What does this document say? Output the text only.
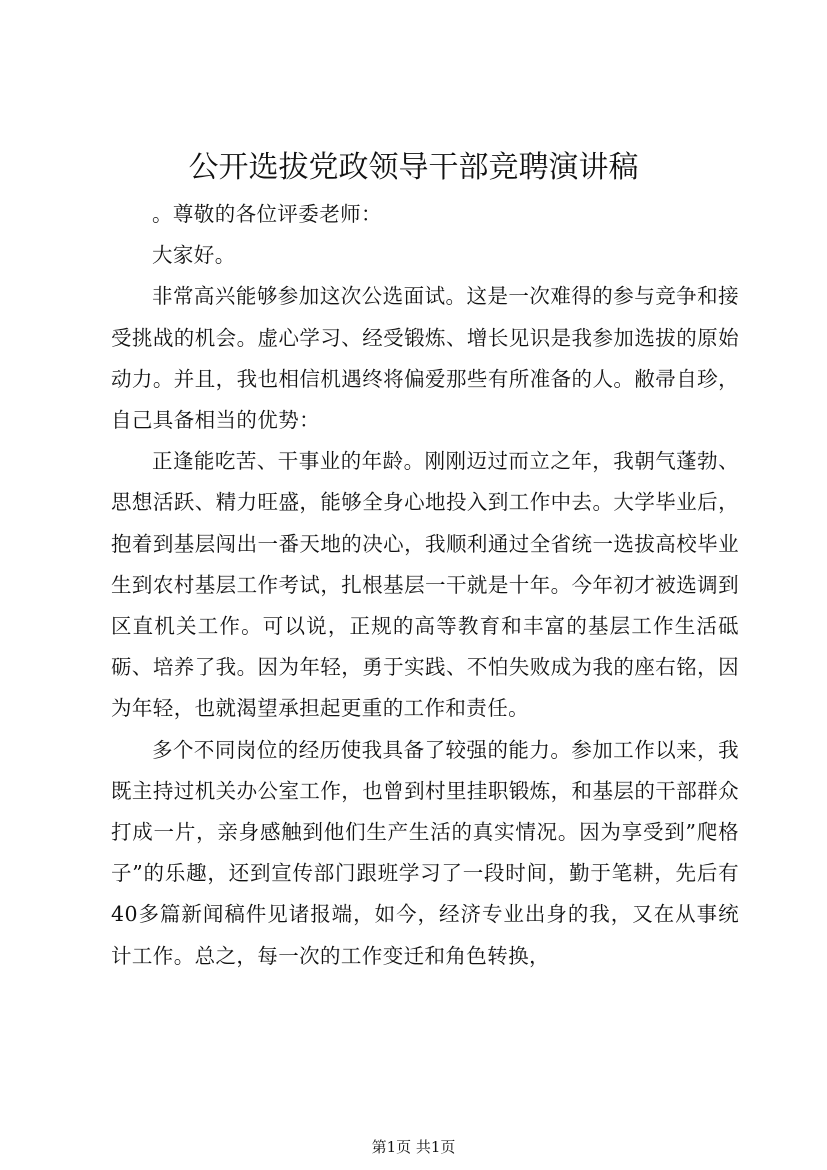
公开选拔党政领导干部竞聘演讲稿

。尊敬的各位评委老师：

大家好。

非常高兴能够参加这次公选面试。这是一次难得的参与竞争和接受挑战的机会。虚心学习、经受锻炼、增长见识是我参加选拔的原始动力。并且，我也相信机遇终将偏爱那些有所准备的人。敝帚自珍，自己具备相当的优势：

正逢能吃苦、干事业的年龄。刚刚迈过而立之年，我朝气蓬勃、思想活跃、精力旺盛，能够全身心地投入到工作中去。大学毕业后，抱着到基层闯出一番天地的决心，我顺利通过全省统一选拔高校毕业生到农村基层工作考试，扎根基层一干就是十年。今年初才被选调到区直机关工作。可以说，正规的高等教育和丰富的基层工作生活砥砺、培养了我。因为年轻，勇于实践、不怕失败成为我的座右铭，因为年轻，也就渴望承担起更重的工作和责任。

多个不同岗位的经历使我具备了较强的能力。参加工作以来，我既主持过机关办公室工作，也曾到村里挂职锻炼，和基层的干部群众打成一片，亲身感触到他们生产生活的真实情况。因为享受到”爬格子”的乐趣，还到宣传部门跟班学习了一段时间，勤于笔耕，先后有40多篇新闻稿件见诸报端，如今，经济专业出身的我，又在从事统计工作。总之，每一次的工作变迁和角色转换，

第1页 共1页
